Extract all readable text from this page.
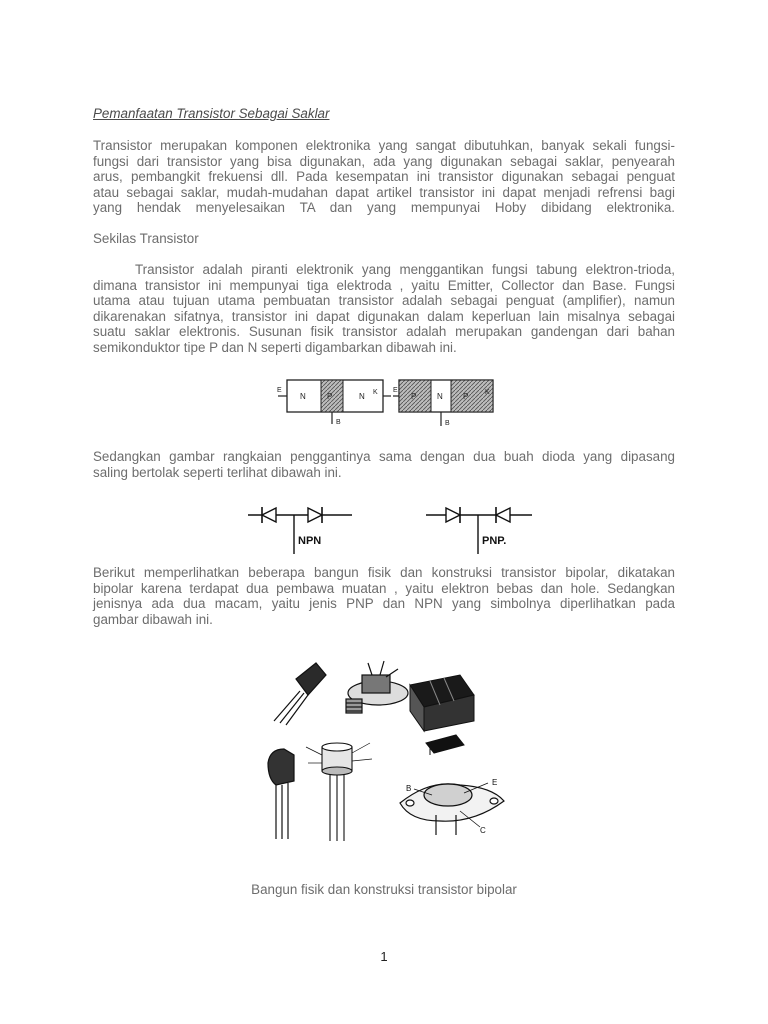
Pemanfaatan Transistor Sebagai Saklar
Transistor merupakan komponen elektronika yang sangat dibutuhkan, banyak sekali fungsi-
fungsi dari transistor yang bisa digunakan, ada yang digunakan sebagai saklar, penyearah
arus, pembangkit frekuensi dll. Pada kesempatan ini transistor digunakan sebagai penguat
atau sebagai saklar, mudah-mudahan dapat artikel transistor ini dapat menjadi refrensi bagi
yang hendak menyelesaikan TA dan yang mempunyai Hoby dibidang elektronika.
Sekilas Transistor
Transistor adalah piranti elektronik yang menggantikan fungsi tabung elektron-trioda,
dimana transistor ini mempunyai tiga elektroda , yaitu Emitter, Collector dan Base. Fungsi
utama atau tujuan utama pembuatan transistor adalah sebagai penguat (amplifier), namun
dikarenakan sifatnya, transistor ini dapat digunakan dalam keperluan lain misalnya sebagai
suatu saklar elektronis. Susunan fisik transistor adalah merupakan gandengan dari bahan
semikonduktor tipe P dan N seperti digambarkan dibawah ini.
E
N	P	N K
B
E
P	N	P K
B
Sedangkan gambar rangkaian penggantinya sama dengan dua buah dioda yang dipasang
saling bertolak seperti terlihat dibawah ini.
NPN	PNP.
Berikut memperlihatkan beberapa bangun fisik dan konstruksi transistor bipolar, dikatakan
bipolar karena terdapat dua pembawa muatan , yaitu elektron bebas dan hole. Sedangkan
jenisnya ada dua macam, yaitu jenis PNP dan NPN yang simbolnya diperlihatkan pada
gambar dibawah ini.
B
E
C
Bangun fisik dan konstruksi transistor bipolar
1
